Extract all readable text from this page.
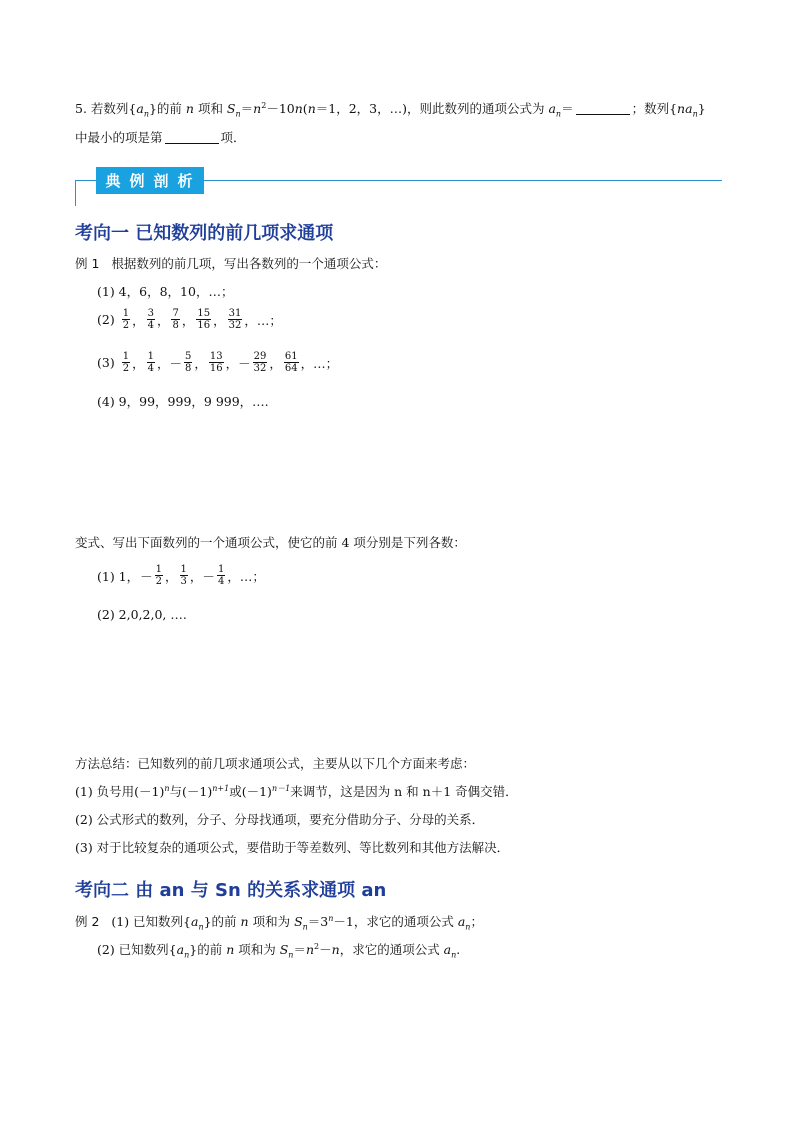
5. 若数列$\{a_n\}$的前 n 项和 $S_n=n^2-10n(n=1$，2，3，…)，则此数列的通项公式为 $a_n=$	；数列$\{na_n\}$
中最小的项是第	项．
典 例 剖 析
考向一 已知数列的前几项求通项
例 1 根据数列的前几项，写出各数列的一个通项公式：
(1) 4，6，8，10，…；
(2)
$\frac{1}{2}$ ， $\frac{3}{4}$ ， $\frac{7}{8}$ ， $\frac{15}{16}$ ， $\frac{31}{32}$ ，…；
(3)
$\frac{1}{2}$ ， $\frac{1}{4}$ ，－ $\frac{5}{8}$ ， $\frac{13}{16}$ ，－ $\frac{29}{32}$ ， $\frac{61}{64}$ ，…；
(4) 9，99，999，9 999，….
变式、写出下面数列的一个通项公式，使它的前 4 项分别是下列各数：
(1) 1， － $\frac{1}{2}$ ， $\frac{1}{3}$ ，－ $\frac{1}{4}$ ，…；
(2) 2,0,2,0, ….
方法总结：已知数列的前几项求通项公式，主要从以下几个方面来考虑：
(1) 负号用$(-1)^n$与$(-1)^{n+1}$或$(-1)^{n-1}$来调节，这是因为 n 和 n＋1 奇偶交错．
(2) 公式形式的数列，分子、分母找通项，要充分借助分子、分母的关系．
(3) 对于比较复杂的通项公式，要借助于等差数列、等比数列和其他方法解决．
考向二 由 an 与 Sn 的关系求通项 an
例 2 (1) 已知数列$\{a_n\}$的前 n 项和为 $S_n=3^n-1$，求它的通项公式 $a_n$；
(2) 已知数列$\{a_n\}$的前 n 项和为 $S_n=n^2-n$，求它的通项公式 $a_n$.
